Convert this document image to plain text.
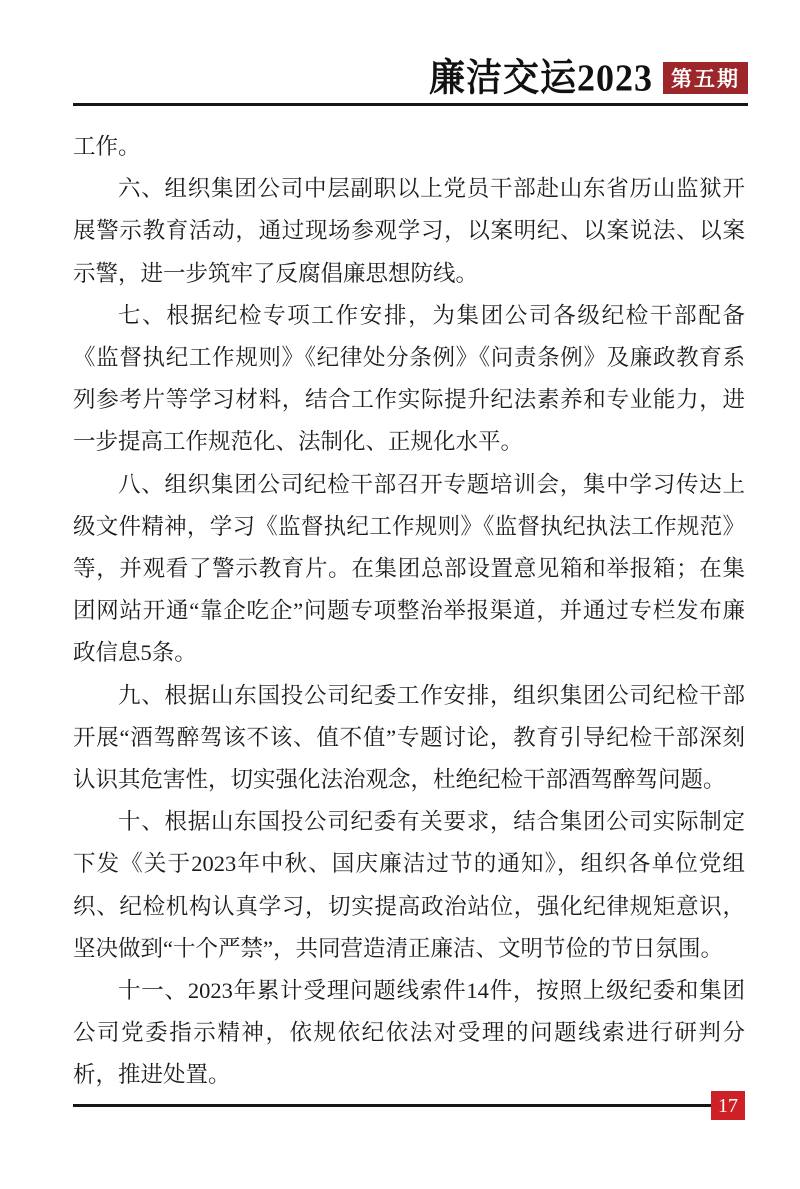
廉洁交运2023 第五期

工作。

六、组织集团公司中层副职以上党员干部赴山东省历山监狱开展警示教育活动，通过现场参观学习，以案明纪、以案说法、以案示警，进一步筑牢了反腐倡廉思想防线。

七、根据纪检专项工作安排，为集团公司各级纪检干部配备《监督执纪工作规则》《纪律处分条例》《问责条例》及廉政教育系列参考片等学习材料，结合工作实际提升纪法素养和专业能力，进一步提高工作规范化、法制化、正规化水平。

八、组织集团公司纪检干部召开专题培训会，集中学习传达上级文件精神，学习《监督执纪工作规则》《监督执纪执法工作规范》等，并观看了警示教育片。在集团总部设置意见箱和举报箱；在集团网站开通“靠企吃企”问题专项整治举报渠道，并通过专栏发布廉政信息5条。

九、根据山东国投公司纪委工作安排，组织集团公司纪检干部开展“酒驾醉驾该不该、值不值”专题讨论，教育引导纪检干部深刻认识其危害性，切实强化法治观念，杜绝纪检干部酒驾醉驾问题。

十、根据山东国投公司纪委有关要求，结合集团公司实际制定下发《关于2023年中秋、国庆廉洁过节的通知》，组织各单位党组织、纪检机构认真学习，切实提高政治站位，强化纪律规矩意识，坚决做到“十个严禁”，共同营造清正廉洁、文明节俭的节日氛围。

十一、2023年累计受理问题线索件14件，按照上级纪委和集团公司党委指示精神，依规依纪依法对受理的问题线索进行研判分析，推进处置。

17
